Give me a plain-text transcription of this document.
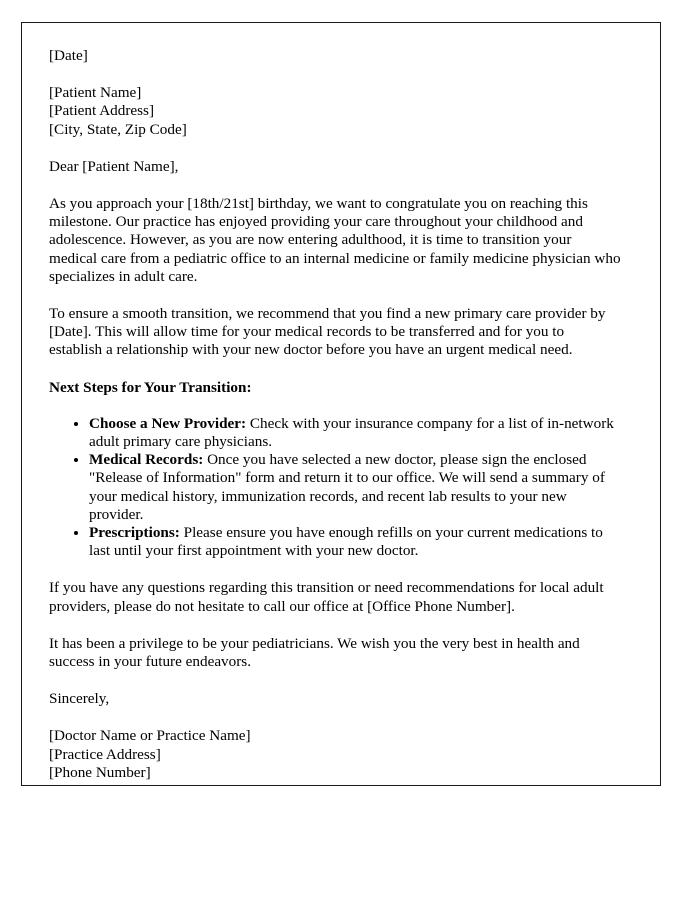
[Date]
[Patient Name]
[Patient Address]
[City, State, Zip Code]
Dear [Patient Name],
As you approach your [18th/21st] birthday, we want to congratulate you on reaching this milestone. Our practice has enjoyed providing your care throughout your childhood and adolescence. However, as you are now entering adulthood, it is time to transition your medical care from a pediatric office to an internal medicine or family medicine physician who specializes in adult care.
To ensure a smooth transition, we recommend that you find a new primary care provider by [Date]. This will allow time for your medical records to be transferred and for you to establish a relationship with your new doctor before you have an urgent medical need.
Next Steps for Your Transition:
• Choose a New Provider: Check with your insurance company for a list of in-network adult primary care physicians.
• Medical Records: Once you have selected a new doctor, please sign the enclosed "Release of Information" form and return it to our office. We will send a summary of your medical history, immunization records, and recent lab results to your new provider.
• Prescriptions: Please ensure you have enough refills on your current medications to last until your first appointment with your new doctor.
If you have any questions regarding this transition or need recommendations for local adult providers, please do not hesitate to call our office at [Office Phone Number].
It has been a privilege to be your pediatricians. We wish you the very best in health and success in your future endeavors.
Sincerely,
[Doctor Name or Practice Name]
[Practice Address]
[Phone Number]
